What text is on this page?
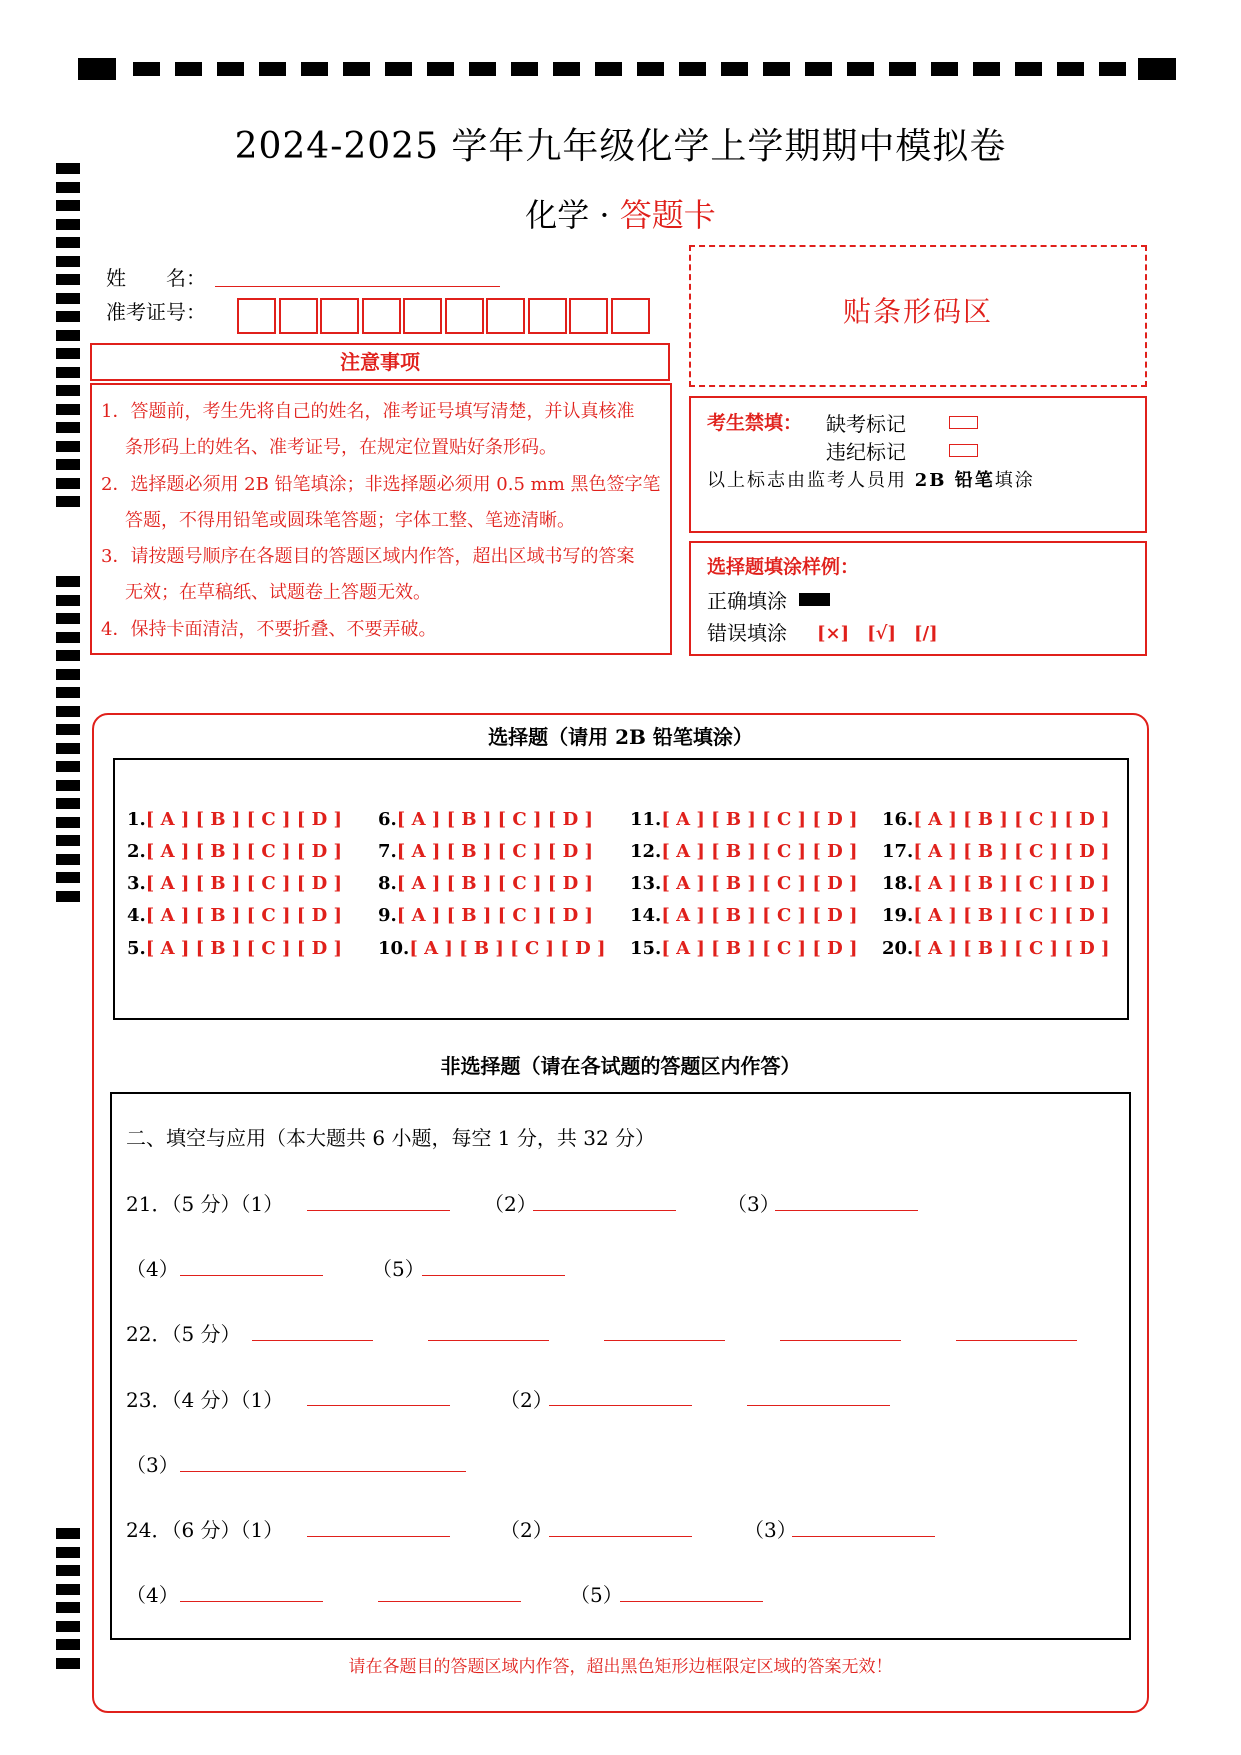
2024-2025 学年九年级化学上学期期中模拟卷
化学 · 答题卡
姓　　名：
准考证号：
注意事项
1．答题前，考生先将自己的姓名，准考证号填写清楚，并认真核准
条形码上的姓名、准考证号，在规定位置贴好条形码。
2．选择题必须用 2B 铅笔填涂；非选择题必须用 0.5 mm 黑色签字笔
答题，不得用铅笔或圆珠笔答题；字体工整、笔迹清晰。
3．请按题号顺序在各题目的答题区域内作答，超出区域书写的答案
无效；在草稿纸、试题卷上答题无效。
4．保持卡面清洁，不要折叠、不要弄破。
贴条形码区
考生禁填： 缺考标记
违纪标记
以上标志由监考人员用 2B 铅笔填涂
选择题填涂样例：
正确填涂
错误填涂 [×]　[√]　[/]
选择题（请用 2B 铅笔填涂）
1.[ A ] [ B ] [ C ] [ D ]
2.[ A ] [ B ] [ C ] [ D ]
3.[ A ] [ B ] [ C ] [ D ]
4.[ A ] [ B ] [ C ] [ D ]
5.[ A ] [ B ] [ C ] [ D ]
6.[ A ] [ B ] [ C ] [ D ]
7.[ A ] [ B ] [ C ] [ D ]
8.[ A ] [ B ] [ C ] [ D ]
9.[ A ] [ B ] [ C ] [ D ]
10.[ A ] [ B ] [ C ] [ D ]
11.[ A ] [ B ] [ C ] [ D ]
12.[ A ] [ B ] [ C ] [ D ]
13.[ A ] [ B ] [ C ] [ D ]
14.[ A ] [ B ] [ C ] [ D ]
15.[ A ] [ B ] [ C ] [ D ]
16.[ A ] [ B ] [ C ] [ D ]
17.[ A ] [ B ] [ C ] [ D ]
18.[ A ] [ B ] [ C ] [ D ]
19.[ A ] [ B ] [ C ] [ D ]
20.[ A ] [ B ] [ C ] [ D ]
非选择题（请在各试题的答题区内作答）
二、填空与应用（本大题共 6 小题，每空 1 分，共 32 分）
21．（5 分）（1）	（2）	（3）
（4）	（5）
22．（5 分）
23．（4 分）（1）	（2）
（3）
24．（6 分）（1）	（2）	（3）
（4）	（5）
请在各题目的答题区域内作答，超出黑色矩形边框限定区域的答案无效！
